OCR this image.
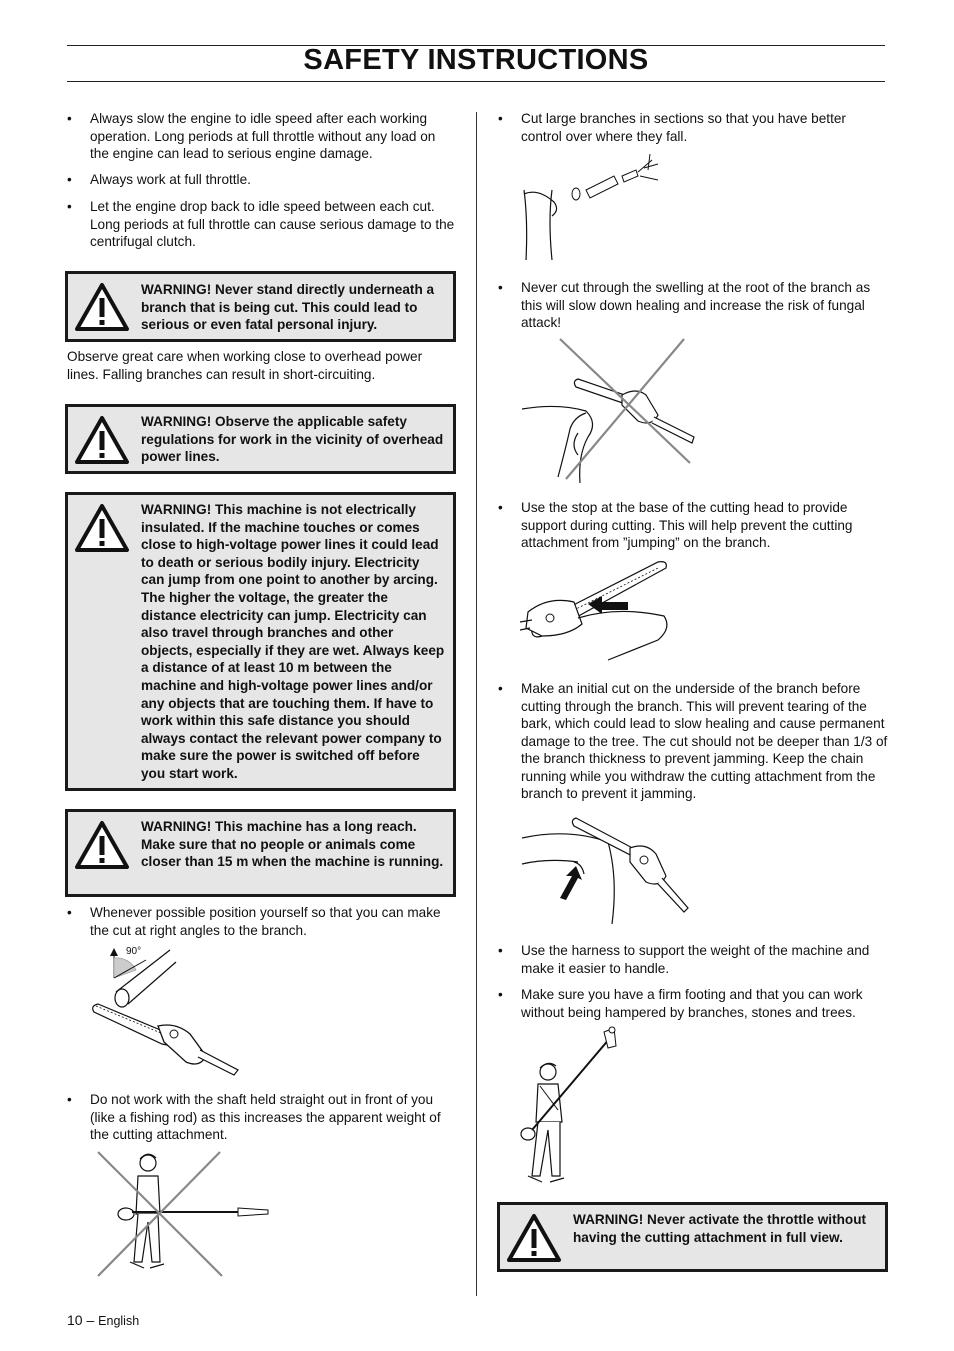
SAFETY INSTRUCTIONS
•	Always slow the engine to idle speed after each working operation. Long periods at full throttle without any load on the engine can lead to serious engine damage.
•	Always work at full throttle.
•	Let the engine drop back to idle speed between each cut. Long periods at full throttle can cause serious damage to the centrifugal clutch.
WARNING! Never stand directly underneath a branch that is being cut. This could lead to serious or even fatal personal injury.
Observe great care when working close to overhead power lines. Falling branches can result in short-circuiting.
WARNING! Observe the applicable safety regulations for work in the vicinity of overhead power lines.
WARNING! This machine is not electrically insulated. If the machine touches or comes close to high-voltage power lines it could lead to death or serious bodily injury. Electricity can jump from one point to another by arcing. The higher the voltage, the greater the distance electricity can jump. Electricity can also travel through branches and other objects, especially if they are wet. Always keep a distance of at least 10 m between the machine and high-voltage power lines and/or any objects that are touching them. If have to work within this safe distance you should always contact the relevant power company to make sure the power is switched off before you start work.
WARNING! This machine has a long reach. Make sure that no people or animals come closer than 15 m when the machine is running.
•	Whenever possible position yourself so that you can make the cut at right angles to the branch.
90°
•	Do not work with the shaft held straight out in front of you (like a fishing rod) as this increases the apparent weight of the cutting attachment.
•	Cut large branches in sections so that you have better control over where they fall.
•	Never cut through the swelling at the root of the branch as this will slow down healing and increase the risk of fungal attack!
•	Use the stop at the base of the cutting head to provide support during cutting. This will help prevent the cutting attachment from ”jumping” on the branch.
•	Make an initial cut on the underside of the branch before cutting through the branch. This will prevent tearing of the bark, which could lead to slow healing and cause permanent damage to the tree. The cut should not be deeper than 1/3 of the branch thickness to prevent jamming. Keep the chain running while you withdraw the cutting attachment from the branch to prevent it jamming.
•	Use the harness to support the weight of the machine and make it easier to handle.
•	Make sure you have a firm footing and that you can work without being hampered by branches, stones and trees.
WARNING! Never activate the throttle without having the cutting attachment in full view.
10 – English
